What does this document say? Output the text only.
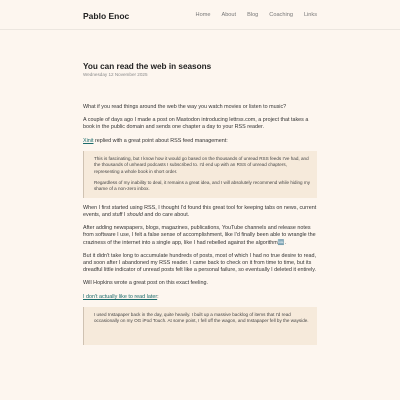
Pablo Enoc	Home About Blog Coaching Links
You can read the web in seasons
Wednesday 12 November 2025

What if you read things around the web the way you watch movies or listen to music?

A couple of days ago I made a post on Mastodon introducing lettrss.com, a project that takes a book in the public domain and sends one chapter a day to your RSS reader.

Xinit replied with a great point about RSS feed management:

This is fascinating, but I know how it would go based on the thousands of unread RSS feeds I've had, and the thousands of unheard podcasts I subscribed to. I'd end up with an RSS of unread chapters, representing a whole book in short order.

Regardless of my inability to deal, it remains a great idea, and I will absolutely recommend while hiding my shame of a non-zero inbox.

When I first started using RSS, I thought I'd found this great tool for keeping tabs on news, current events, and stuff I should and do care about.

After adding newspapers, blogs, magazines, publications, YouTube channels and release notes from software I use, I felt a false sense of accomplishment, like I'd finally been able to wrangle the craziness of the internet into a single app, like I had rebelled against the algorithm🆒.

But it didn't take long to accumulate hundreds of posts, most of which I had no true desire to read, and soon after I abandoned my RSS reader. I came back to check on it from time to time, but its dreadful little indicator of unread posts felt like a personal failure, so eventually I deleted it entirely.

Will Hopkins wrote a great post on this exact feeling.

I don't actually like to read later:

I used Instapaper back in the day, quite heavily. I built up a massive backlog of items that I'd read occasionally on my OG iPod Touch. At some point, I fell off the wagon, and Instapaper fell by the wayside.
